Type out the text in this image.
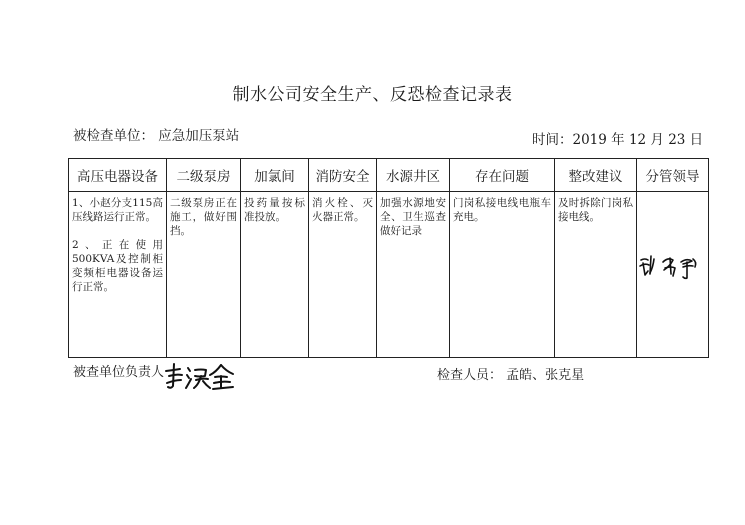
制水公司安全生产、反恐检查记录表
被检查单位： 应急加压泵站	时间：2019 年 12 月 23 日
高压电器设备	二级泵房	加氯间	消防安全	水源井区	存在问题	整改建议	分管领导

1、小赵分支115高压线路运行正常。
2、正在使用500KVA及控制柜变频柜电器设备运行正常。	二级泵房正在施工，做好围挡。	投药量按标准投放。	消火栓、灭火器正常。	加强水源地安全、卫生巡查做好记录	门岗私接电线电瓶车充电。	及时拆除门岗私接电线。	
被查单位负责人	检查人员： 孟皓、张克星
